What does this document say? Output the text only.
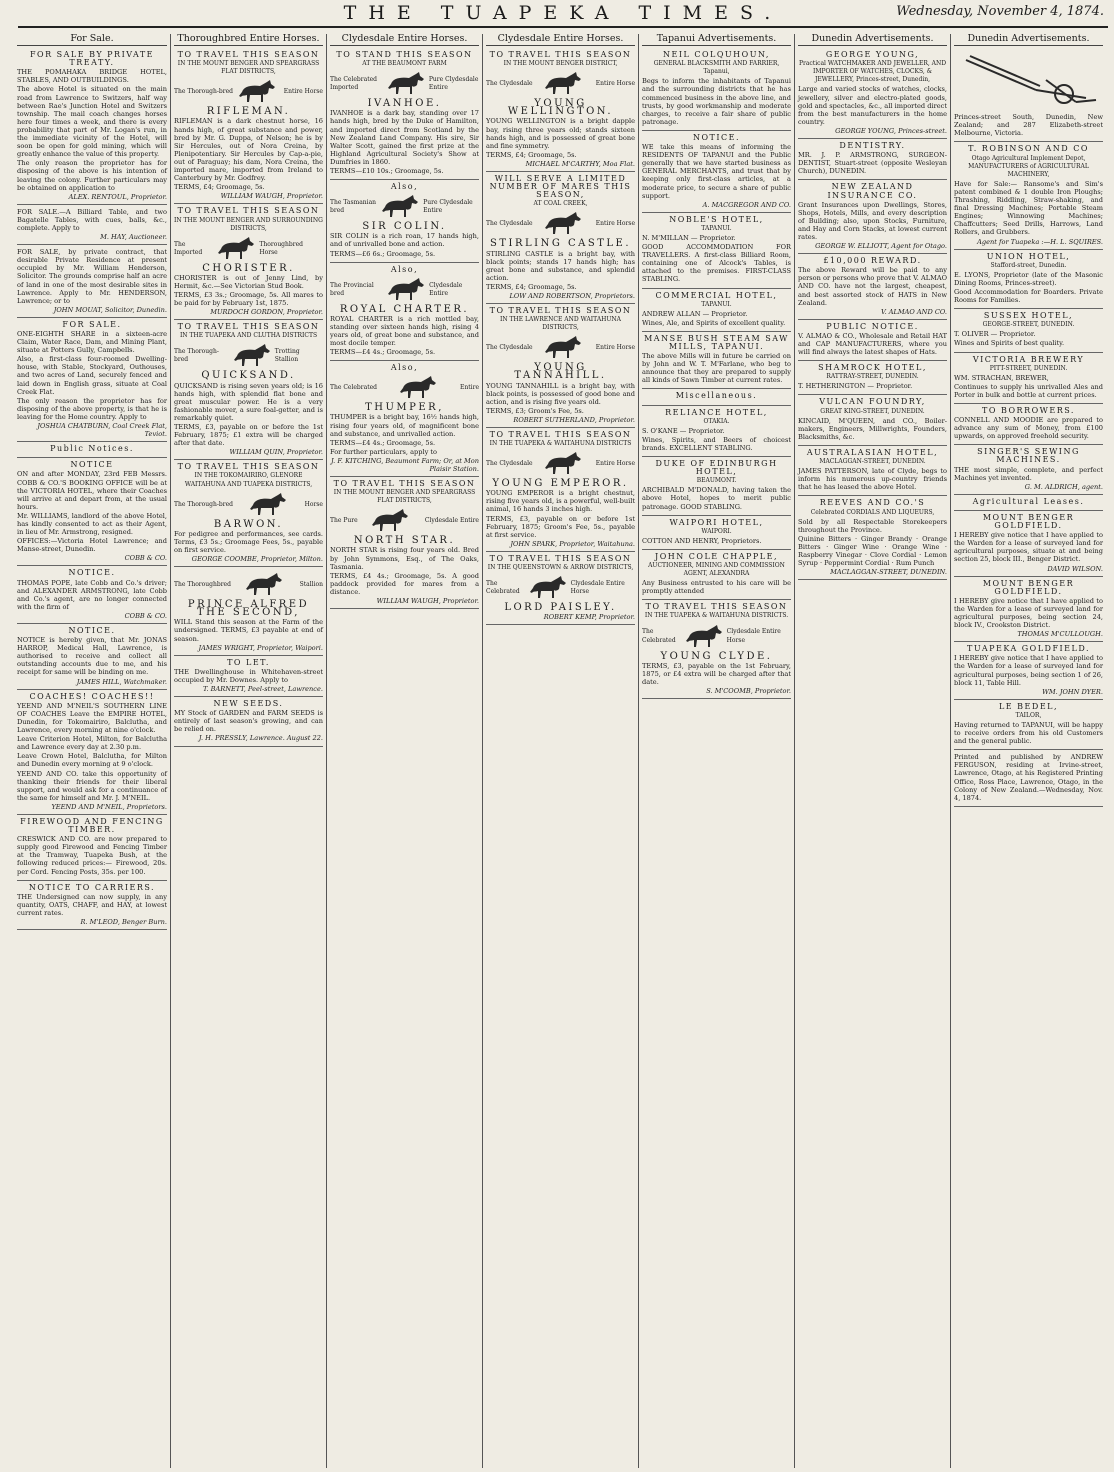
THE TUAPEKA TIMES.	Wednesday, November 4, 1874.
For Sale.
FOR SALE BY PRIVATE TREATY.

THE POMAHAKA BRIDGE HOTEL, STABLES, AND OUTBUILDINGS.

The above Hotel is situated on the main road from Lawrence to Switzers, half way between Rae's Junction Hotel and Switzers township. The mail coach changes horses here four times a week, and there is every probability that part of Mr. Logan's run, in the immediate vicinity of the Hotel, will soon be open for gold mining, which will greatly enhance the value of this property.

The only reason the proprietor has for disposing of the above is his intention of leaving the colony. Further particulars may be obtained on application to

ALEX. RENTOUL, Proprietor.

FOR SALE.—A Billiard Table, and two Bagatelle Tables, with cues, balls, &c., complete. Apply to

M. HAY, Auctioneer.

FOR SALE, by private contract, that desirable Private Residence at present occupied by Mr. William Henderson, Solicitor. The grounds comprise half an acre of land in one of the most desirable sites in Lawrence. Apply to Mr. HENDERSON, Lawrence; or to

JOHN MOUAT, Solicitor, Dunedin.
FOR SALE.

ONE-EIGHTH SHARE in a sixteen-acre Claim, Water Race, Dam, and Mining Plant, situate at Potters Gully, Campbells.

Also, a first-class four-roomed Dwelling-house, with Stable, Stockyard, Outhouses, and two acres of Land, securely fenced and laid down in English grass, situate at Coal Creek Flat.

The only reason the proprietor has for disposing of the above property, is that he is leaving for the Home country. Apply to

JOSHUA CHATBURN, Coal Creek Flat, Teviot.
Public Notices.
NOTICE

ON and after MONDAY, 23rd FEB Messrs. COBB & CO.'S BOOKING OFFICE will be at the VICTORIA HOTEL, where their Coaches will arrive at and depart from, at the usual hours.

Mr. WILLIAMS, landlord of the above Hotel, has kindly consented to act as their Agent, in lieu of Mr. Armstrong, resigned.

OFFICES:—Victoria Hotel Lawrence; and Manse-street, Dunedin.

COBB & CO.
NOTICE.

THOMAS POPE, late Cobb and Co.'s driver; and ALEXANDER ARMSTRONG, late Cobb and Co.'s agent, are no longer connected with the firm of

COBB & CO.
NOTICE.

NOTICE is hereby given, that Mr. JONAS HARROP, Medical Hall, Lawrence, is authorised to receive and collect all outstanding accounts due to me, and his receipt for same will be binding on me.

JAMES HILL, Watchmaker.
COACHES! COACHES!!

YEEND AND M'NEIL'S SOUTHERN LINE OF COACHES Leave the EMPIRE HOTEL, Dunedin, for Tokomairiro, Balclutha, and Lawrence, every morning at nine o'clock.

Leave Criterion Hotel, Milton, for Balclutha and Lawrence every day at 2.30 p.m.

Leave Crown Hotel, Balclutha, for Milton and Dunedin every morning at 9 o'clock.

YEEND AND CO. take this opportunity of thanking their friends for their liberal support, and would ask for a continuance of the same for himself and Mr. J. M'NEIL.

YEEND AND M'NEIL, Proprietors.
FIREWOOD AND FENCING TIMBER.

CRESWICK AND CO. are now prepared to supply good Firewood and Fencing Timber at the Tramway, Tuapeka Bush, at the following reduced prices:— Firewood, 20s. per Cord. Fencing Posts, 35s. per 100.

NOTICE TO CARRIERS.

THE Undersigned can now supply, in any quantity, OATS, CHAFF, and HAY, at lowest current rates.

R. M'LEOD, Benger Burn.
Thoroughbred Entire Horses.
TO TRAVEL THIS SEASON
IN THE MOUNT BENGER AND SPEARGRASS FLAT DISTRICTS,
The Thorough-bred	Entire Horse
RIFLEMAN.

RIFLEMAN is a dark chestnut horse, 16 hands high, of great substance and power, bred by Mr. G. Duppa, of Nelson; he is by Sir Hercules, out of Nora Creina, by Plenipotentiary. Sir Hercules by Cap-a-pie, out of Paraguay; his dam, Nora Creina, the imported mare, imported from Ireland to Canterbury by Mr. Godfrey.

TERMS, £4; Groomage, 5s.

WILLIAM WAUGH, Proprietor.
TO TRAVEL THIS SEASON
IN THE MOUNT BENGER AND SURROUNDING DISTRICTS,
The Imported
Thoroughbred Horse
CHORISTER.

CHORISTER is out of Jenny Lind, by Hermit, &c.—See Victorian Stud Book.

TERMS, £3 3s.; Groomage, 5s. All mares to be paid for by February 1st, 1875.

MURDOCH GORDON, Proprietor.
TO TRAVEL THIS SEASON
IN THE TUAPEKA AND CLUTHA DISTRICTS
The Thorough-bred
Trotting Stallion
QUICKSAND.

QUICKSAND is rising seven years old; is 16 hands high, with splendid flat bone and great muscular power. He is a very fashionable mover, a sure foal-getter, and is remarkably quiet.

TERMS, £3, payable on or before the 1st February, 1875; £1 extra will be charged after that date.

WILLIAM QUIN, Proprietor.
TO TRAVEL THIS SEASON
IN THE TOKOMAIRIRO, GLENORE WAITAHUNA AND TUAPEKA DISTRICTS,
The Thorough-bred	Horse
BARWON.

For pedigree and performances, see cards. Terms, £3 5s.; Groomage Fees, 5s., payable on first service.

GEORGE COOMBE, Proprietor, Milton.
The Thoroughbred	Stallion
PRINCE ALFRED THE SECOND,

WILL Stand this season at the Farm of the undersigned. TERMS, £3 payable at end of season.

JAMES WRIGHT, Proprietor, Waipori.
TO LET.

THE Dwellinghouse in Whitehaven-street occupied by Mr. Downes. Apply to

T. BARNETT, Peel-street, Lawrence.
NEW SEEDS.

MY Stock of GARDEN and FARM SEEDS is entirely of last season's growing, and can be relied on.

J. H. PRESSLY, Lawrence. August 22.
Clydesdale Entire Horses.
TO STAND THIS SEASON
AT THE BEAUMONT FARM
The Celebrated Imported
Pure Clydesdale Entire
IVANHOE.

IVANHOE is a dark bay, standing over 17 hands high, bred by the Duke of Hamilton, and imported direct from Scotland by the New Zealand Land Company. His sire, Sir Walter Scott, gained the first prize at the Highland Agricultural Society's Show at Dumfries in 1860.

TERMS—£10 10s.; Groomage, 5s.

Also,
The Tasmanian bred
Pure Clydesdale Entire
SIR COLIN.

SIR COLIN is a rich roan, 17 hands high, and of unrivalled bone and action.

TERMS—£6 6s.; Groomage, 5s.

Also,
The Provincial bred
Clydesdale Entire
ROYAL CHARTER.

ROYAL CHARTER is a rich mottled bay, standing over sixteen hands high, rising 4 years old, of great bone and substance, and most docile temper.

TERMS—£4 4s.; Groomage, 5s.

Also,
The Celebrated	Entire
THUMPER,

THUMPER is a bright bay, 16½ hands high, rising four years old, of magnificent bone and substance, and unrivalled action.

TERMS—£4 4s.; Groomage, 5s.

For further particulars, apply to

J. F. KITCHING, Beaumont Farm; Or, at Mon Plaisir Station.
TO TRAVEL THIS SEASON
IN THE MOUNT BENGER AND SPEARGRASS FLAT DISTRICTS,
The Pure	Clydesdale Entire
NORTH STAR.

NORTH STAR is rising four years old. Bred by John Symmons, Esq., of The Oaks, Tasmania.

TERMS, £4 4s.; Groomage, 5s. A good paddock provided for mares from a distance.

WILLIAM WAUGH, Proprietor.
Clydesdale Entire Horses.
TO TRAVEL THIS SEASON
IN THE MOUNT BENGER DISTRICT,
The Clydesdale	Entire Horse
YOUNG WELLINGTON.

YOUNG WELLINGTON is a bright dapple bay, rising three years old; stands sixteen hands high, and is possessed of great bone and fine symmetry.

TERMS, £4; Groomage, 5s.

MICHAEL M'CARTHY, Moa Flat.
WILL SERVE A LIMITED NUMBER OF MARES THIS SEASON,
AT COAL CREEK,
The Clydesdale	Entire Horse
STIRLING CASTLE.

STIRLING CASTLE is a bright bay, with black points; stands 17 hands high; has great bone and substance, and splendid action.

TERMS, £4; Groomage, 5s.

LOW AND ROBERTSON, Proprietors.
TO TRAVEL THIS SEASON
IN THE LAWRENCE AND WAITAHUNA DISTRICTS,
The Clydesdale	Entire Horse
YOUNG TANNAHILL.

YOUNG TANNAHILL is a bright bay, with black points, is possessed of good bone and action, and is rising five years old.

TERMS, £3; Groom's Fee, 5s.

ROBERT SUTHERLAND, Proprietor.
TO TRAVEL THIS SEASON
IN THE TUAPEKA & WAITAHUNA DISTRICTS
The Clydesdale	Entire Horse
YOUNG EMPEROR.

YOUNG EMPEROR is a bright chestnut, rising five years old, is a powerful, well-built animal, 16 hands 3 inches high.

TERMS, £3, payable on or before 1st February, 1875; Groom's Fee, 5s., payable at first service.

JOHN SPARK, Proprietor, Waitahuna.
TO TRAVEL THIS SEASON
IN THE QUEENSTOWN & ARROW DISTRICTS,
The Celebrated
Clydesdale Entire Horse
LORD PAISLEY.
ROBERT KEMP, Proprietor.
Tapanui Advertisements.
NEIL COLQUHOUN,
GENERAL BLACKSMITH AND FARRIER, Tapanui,

Begs to inform the inhabitants of Tapanui and the surrounding districts that he has commenced business in the above line, and trusts, by good workmanship and moderate charges, to receive a fair share of public patronage.

NOTICE.

WE take this means of informing the RESIDENTS OF TAPANUI and the Public generally that we have started business as GENERAL MERCHANTS, and trust that by keeping only first-class articles, at a moderate price, to secure a share of public support.

A. MACGREGOR AND CO.
NOBLE'S HOTEL,
TAPANUI.

N. M'MILLAN — Proprietor.

GOOD ACCOMMODATION FOR TRAVELLERS. A first-class Billiard Room, containing one of Alcock's Tables, is attached to the premises. FIRST-CLASS STABLING.

COMMERCIAL HOTEL,
TAPANUI.

ANDREW ALLAN — Proprietor.

Wines, Ale, and Spirits of excellent quality.

MANSE BUSH STEAM SAW MILLS, TAPANUI.

The above Mills will in future be carried on by John and W. T. M'Farlane, who beg to announce that they are prepared to supply all kinds of Sawn Timber at current rates.

Miscellaneous.
RELIANCE HOTEL,
OTAKIA.

S. O'KANE — Proprietor.

Wines, Spirits, and Beers of choicest brands. EXCELLENT STABLING.

DUKE OF EDINBURGH HOTEL,
BEAUMONT.

ARCHIBALD M'DONALD, having taken the above Hotel, hopes to merit public patronage. GOOD STABLING.

WAIPORI HOTEL,
WAIPORI.

COTTON AND HENRY, Proprietors.

JOHN COLE CHAPPLE,
AUCTIONEER, MINING AND COMMISSION AGENT, ALEXANDRA

Any Business entrusted to his care will be promptly attended

TO TRAVEL THIS SEASON
IN THE TUAPEKA & WAITAHUNA DISTRICTS.
The Celebrated
Clydesdale Entire Horse
YOUNG CLYDE.

TERMS, £3, payable on the 1st February, 1875, or £4 extra will be charged after that date.

S. M'COOMB, Proprietor.
Dunedin Advertisements.
GEORGE YOUNG,
Practical WATCHMAKER AND JEWELLER, AND IMPORTER OF WATCHES, CLOCKS, & JEWELLERY, Princes-street, Dunedin,

Large and varied stocks of watches, clocks, jewellery, silver and electro-plated goods, gold and spectacles, &c., all imported direct from the best manufacturers in the home country.

GEORGE YOUNG, Princes-street.
DENTISTRY.

MR. J. P. ARMSTRONG, SURGEON-DENTIST, Stuart-street (opposite Wesleyan Church), DUNEDIN.

NEW ZEALAND INSURANCE CO.

Grant Insurances upon Dwellings, Stores, Shops, Hotels, Mills, and every description of Building; also, upon Stocks, Furniture, and Hay and Corn Stacks, at lowest current rates.

GEORGE W. ELLIOTT, Agent for Otago.
£10,000 REWARD.

The above Reward will be paid to any person or persons who prove that V. ALMAO AND CO. have not the largest, cheapest, and best assorted stock of HATS in New Zealand.

V. ALMAO AND CO.
PUBLIC NOTICE.

V. ALMAO & CO., Wholesale and Retail HAT and CAP MANUFACTURERS, where you will find always the latest shapes of Hats.

SHAMROCK HOTEL,
RATTRAY-STREET, DUNEDIN.

T. HETHERINGTON — Proprietor.

VULCAN FOUNDRY,
GREAT KING-STREET, DUNEDIN.

KINCAID, M'QUEEN, and CO., Boiler-makers, Engineers, Millwrights, Founders, Blacksmiths, &c.

AUSTRALASIAN HOTEL,
MACLAGGAN-STREET, DUNEDIN.

JAMES PATTERSON, late of Clyde, begs to inform his numerous up-country friends that he has leased the above Hotel.

REEVES AND CO.'S
Celebrated CORDIALS AND LIQUEURS,

Sold by all Respectable Storekeepers throughout the Province.

Quinine Bitters · Ginger Brandy · Orange Bitters · Ginger Wine · Orange Wine · Raspberry Vinegar · Clove Cordial · Lemon Syrup · Peppermint Cordial · Rum Punch

MACLAGGAN-STREET, DUNEDIN.
Dunedin Advertisements.

Princes-street South, Dunedin, New Zealand; and 287 Elizabeth-street Melbourne, Victoria.

T. ROBINSON AND CO
Otago Agricultural Implement Depot, MANUFACTURERS of AGRICULTURAL MACHINERY,

Have for Sale:— Ransome's and Sim's patent combined & 1 double Iron Ploughs; Thrashing, Riddling, Straw-shaking, and final Dressing Machines; Portable Steam Engines; Winnowing Machines; Chaffcutters; Seed Drills, Harrows, Land Rollers, and Grubbers.

Agent for Tuapeka :—H. L. SQUIRES.
UNION HOTEL,
Stafford-street, Dunedin.

E. LYONS, Proprietor (late of the Masonic Dining Rooms, Princes-street).

Good Accommodation for Boarders. Private Rooms for Families.

SUSSEX HOTEL,
GEORGE-STREET, DUNEDIN.

T. OLIVER — Proprietor.

Wines and Spirits of best quality.

VICTORIA BREWERY
PITT-STREET, DUNEDIN.

WM. STRACHAN, BREWER,

Continues to supply his unrivalled Ales and Porter in bulk and bottle at current prices.

TO BORROWERS.

CONNELL AND MOODIE are prepared to advance any sum of Money, from £100 upwards, on approved freehold security.

SINGER'S SEWING MACHINES.

THE most simple, complete, and perfect Machines yet invented.

G. M. ALDRICH, agent.
Agricultural Leases.
MOUNT BENGER GOLDFIELD.

I HEREBY give notice that I have applied to the Warden for a lease of surveyed land for agricultural purposes, situate at and being section 25, block III., Benger District.

DAVID WILSON.
MOUNT BENGER GOLDFIELD.

I HEREBY give notice that I have applied to the Warden for a lease of surveyed land for agricultural purposes, being section 24, block IV., Crookston District.

THOMAS M'CULLOUGH.
TUAPEKA GOLDFIELD.

I HEREBY give notice that I have applied to the Warden for a lease of surveyed land for agricultural purposes, being section 1 of 26, block 11, Table Hill.

WM. JOHN DYER.
LE BEDEL,
TAILOR,

Having returned to TAPANUI, will be happy to receive orders from his old Customers and the general public.

Printed and published by ANDREW FERGUSON, residing at Irvine-street, Lawrence, Otago, at his Registered Printing Office, Ross Place, Lawrence, Otago, in the Colony of New Zealand.—Wednesday, Nov. 4, 1874.
